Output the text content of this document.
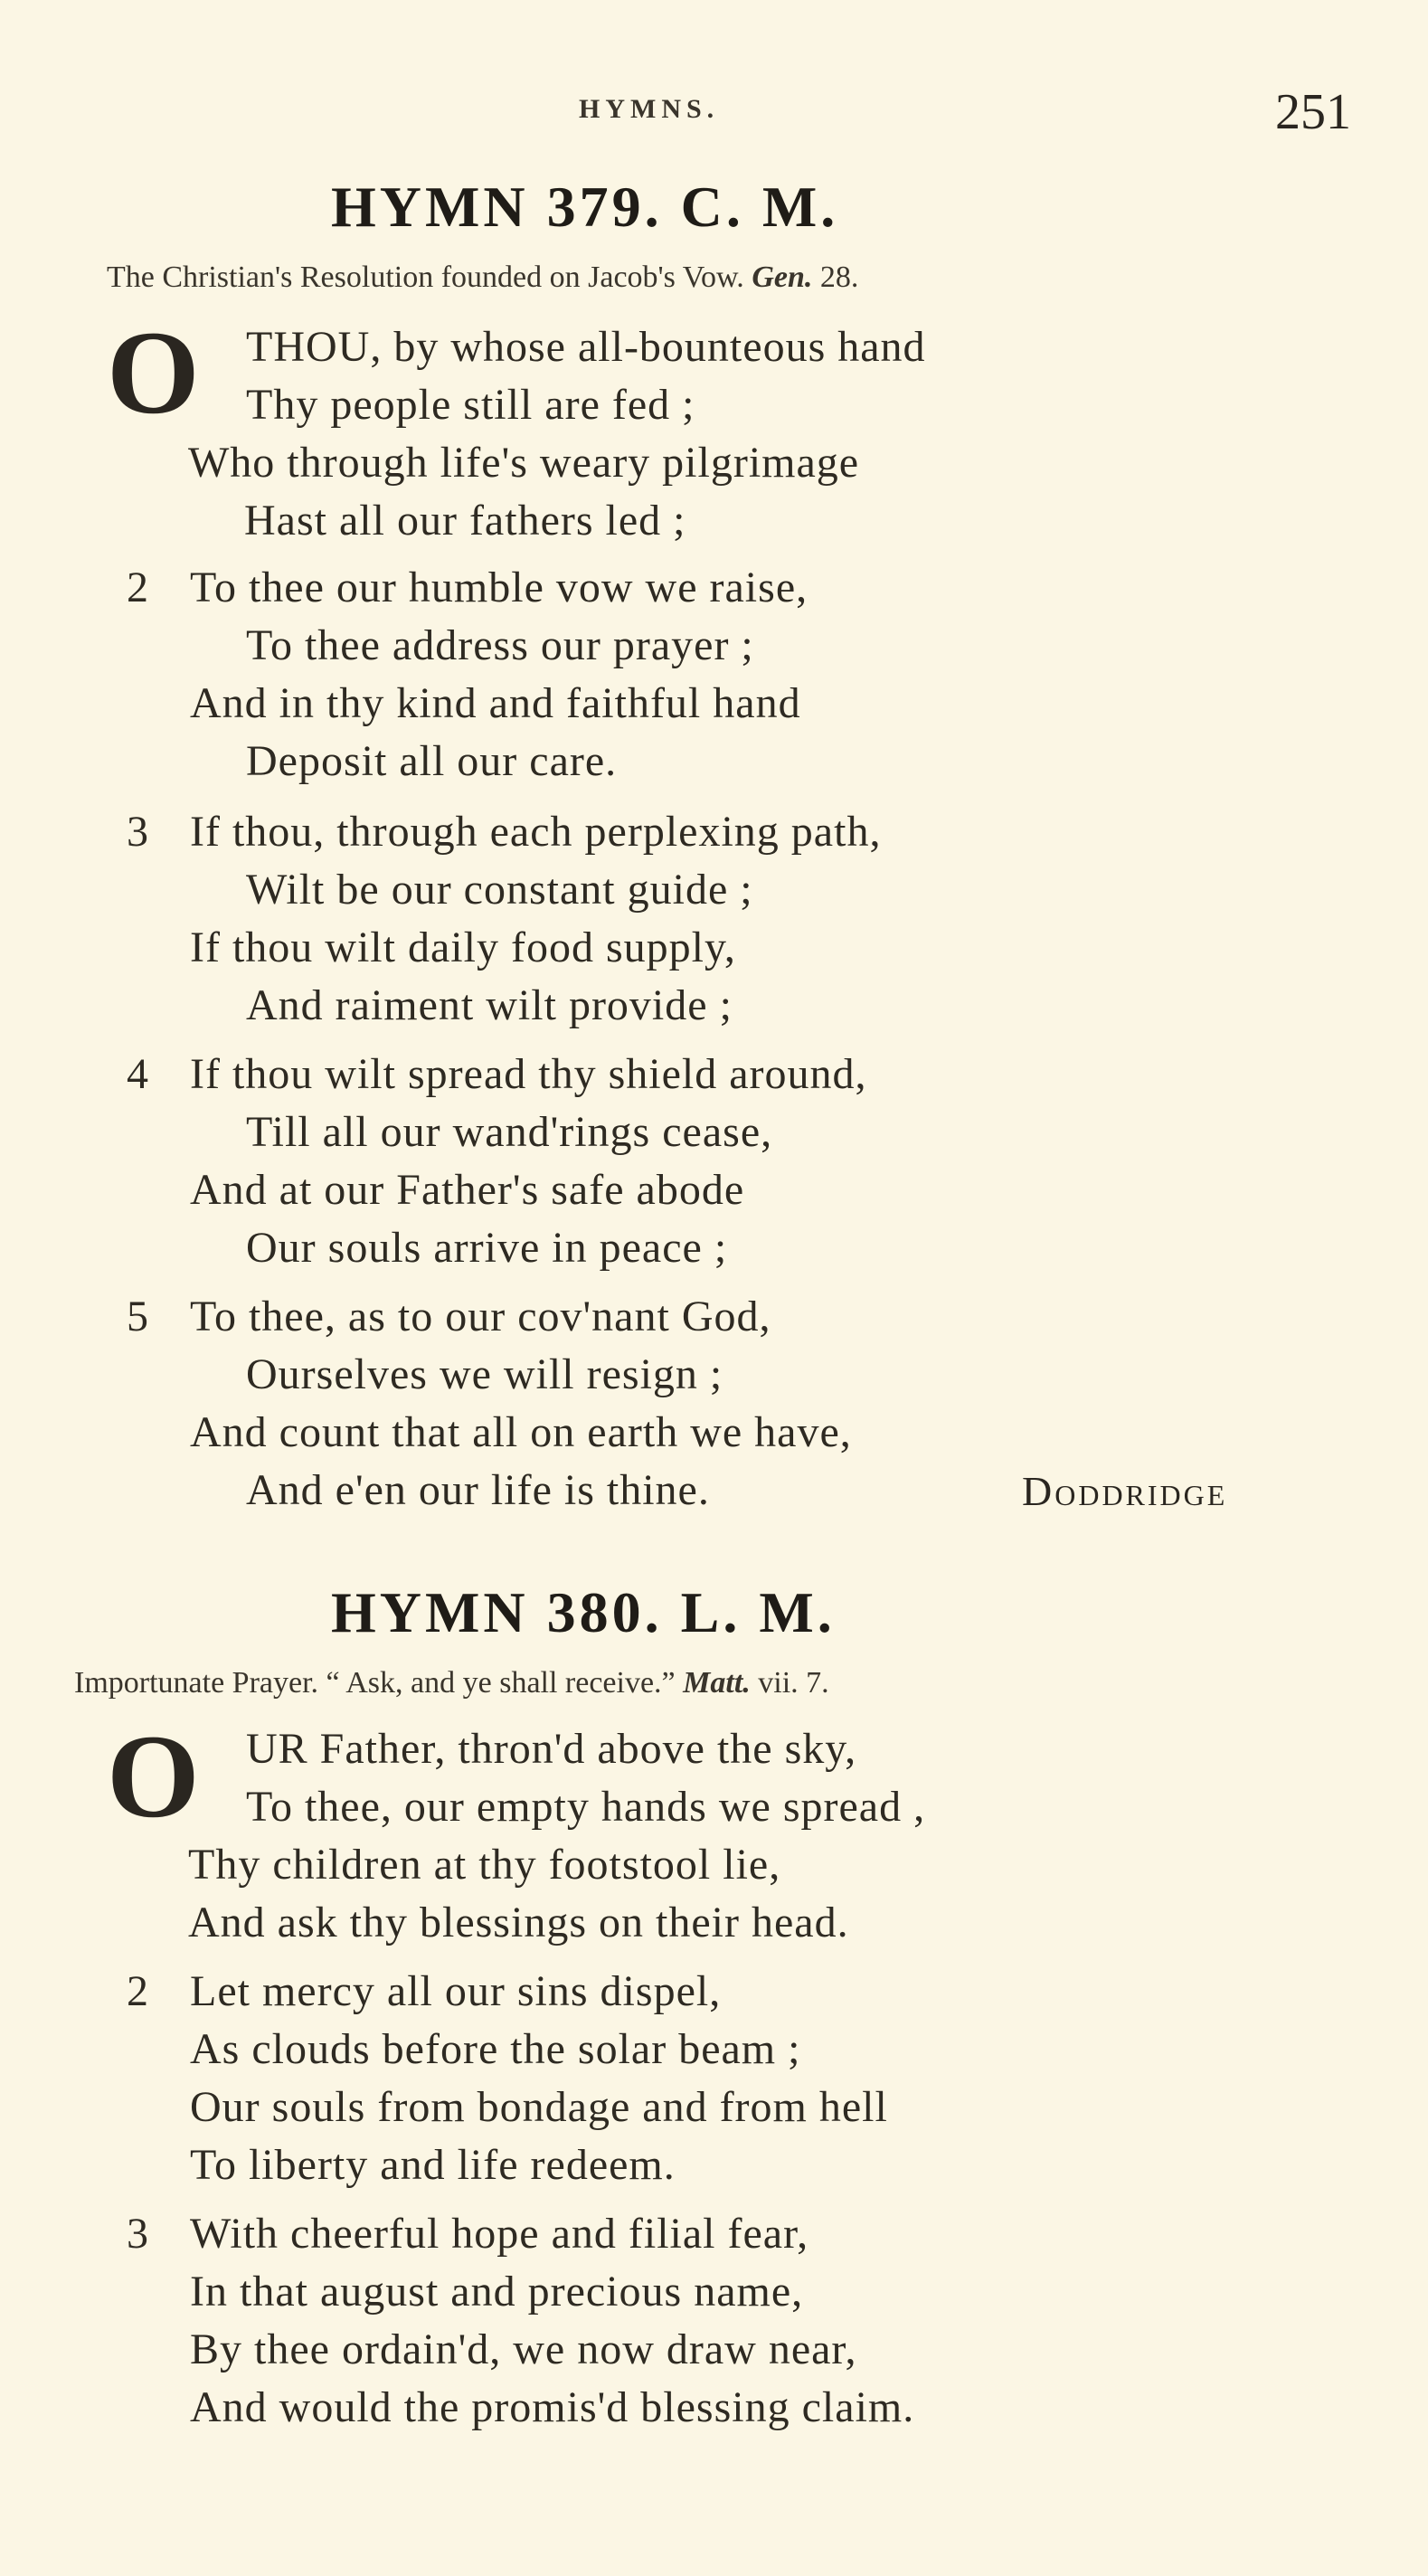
HYMNS.	251
HYMN 379. C. M.
The Christian's Resolution founded on Jacob's Vow. Gen. 28.
O THOU, by whose all-bounteous hand
Thy people still are fed ;
Who through life's weary pilgrimage
Hast all our fathers led ;
2 To thee our humble vow we raise,
To thee address our prayer ;
And in thy kind and faithful hand
Deposit all our care.
3 If thou, through each perplexing path,
Wilt be our constant guide ;
If thou wilt daily food supply,
And raiment wilt provide ;
4 If thou wilt spread thy shield around,
Till all our wand'rings cease,
And at our Father's safe abode
Our souls arrive in peace ;
5 To thee, as to our cov'nant God,
Ourselves we will resign ;
And count that all on earth we have,
And e'en our life is thine.	Doddridge
HYMN 380. L. M.
Importunate Prayer. “ Ask, and ye shall receive.” Matt. vii. 7.
O UR Father, thron'd above the sky,
To thee, our empty hands we spread ,
Thy children at thy footstool lie,
And ask thy blessings on their head.
2 Let mercy all our sins dispel,
As clouds before the solar beam ;
Our souls from bondage and from hell
To liberty and life redeem.
3 With cheerful hope and filial fear,
In that august and precious name,
By thee ordain'd, we now draw near,
And would the promis'd blessing claim.
